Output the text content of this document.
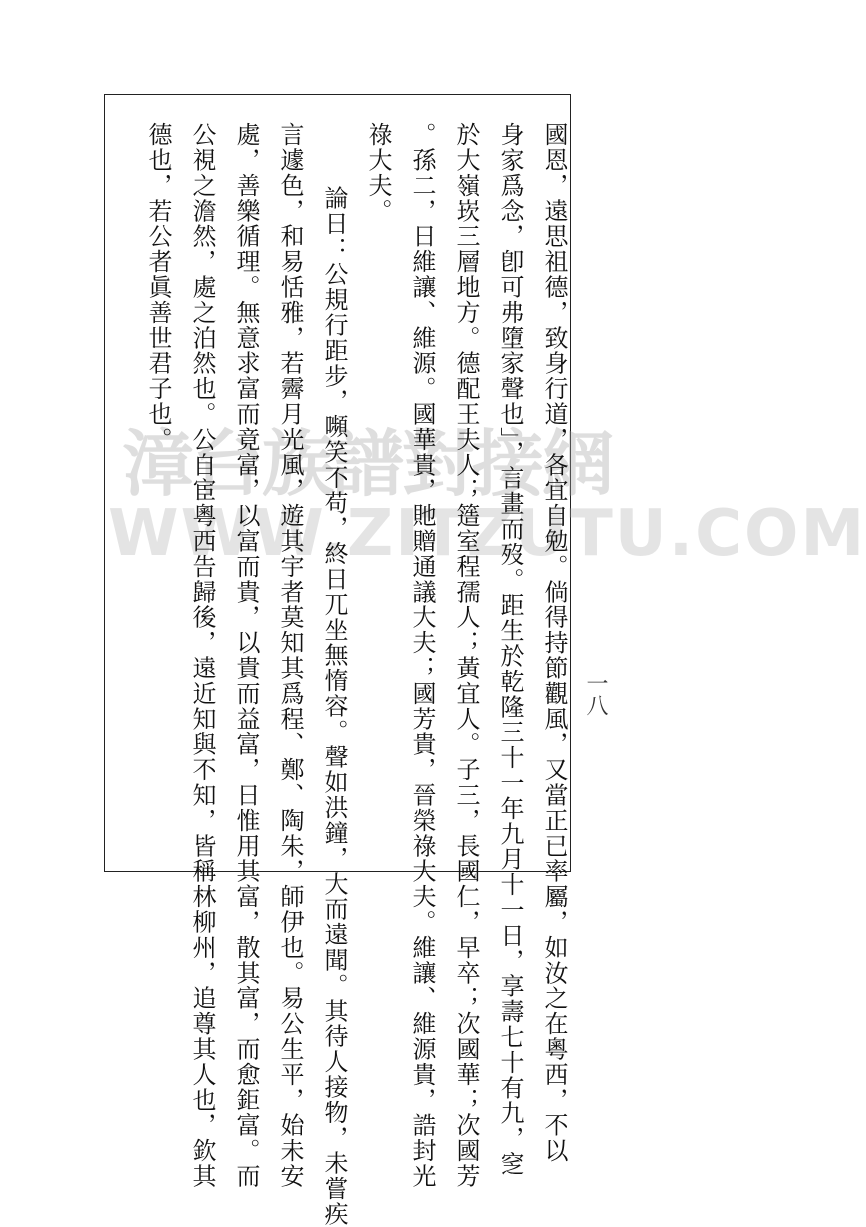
漳台族譜對接網
WWW.ZITZUTU.COM
國恩，遠思祖德，致身行道，各宜自勉。倘得持節觀風，又當正已率屬，如汝之在粵西，不以
身家爲念，卽可弗墮家聲也」，言畫而歿。距生於乾隆三十一年九月十一日，享壽七十有九，窆
於大嶺崁三層地方。德配王夫人；簉室程孺人；黃宜人。子三，長國仁，早卒；次國華；次國芳
。孫二，日維讓、維源。國華貴，貤贈通議大夫；國芳貴，晉榮祿大夫。維讓、維源貴，誥封光
祿大夫。
　論日：公規行距步，嚬笑不苟，終日兀坐無惰容。聲如洪鐘，大而遠聞。其待人接物，未嘗疾
言遽色，和易恬雅，若霽月光風，遊其宇者莫知其爲程、鄭、陶朱，師伊也。易公生平，始未安
處，善樂循理。無意求富而竟富，以富而貴，以貴而益富，日惟用其富，散其富，而愈鉅富。而
公視之澹然，處之泊然也。公自宦粵西告歸後，遠近知與不知，皆稱林柳州，追尊其人也，欽其
德也，若公者眞善世君子也。
一八
